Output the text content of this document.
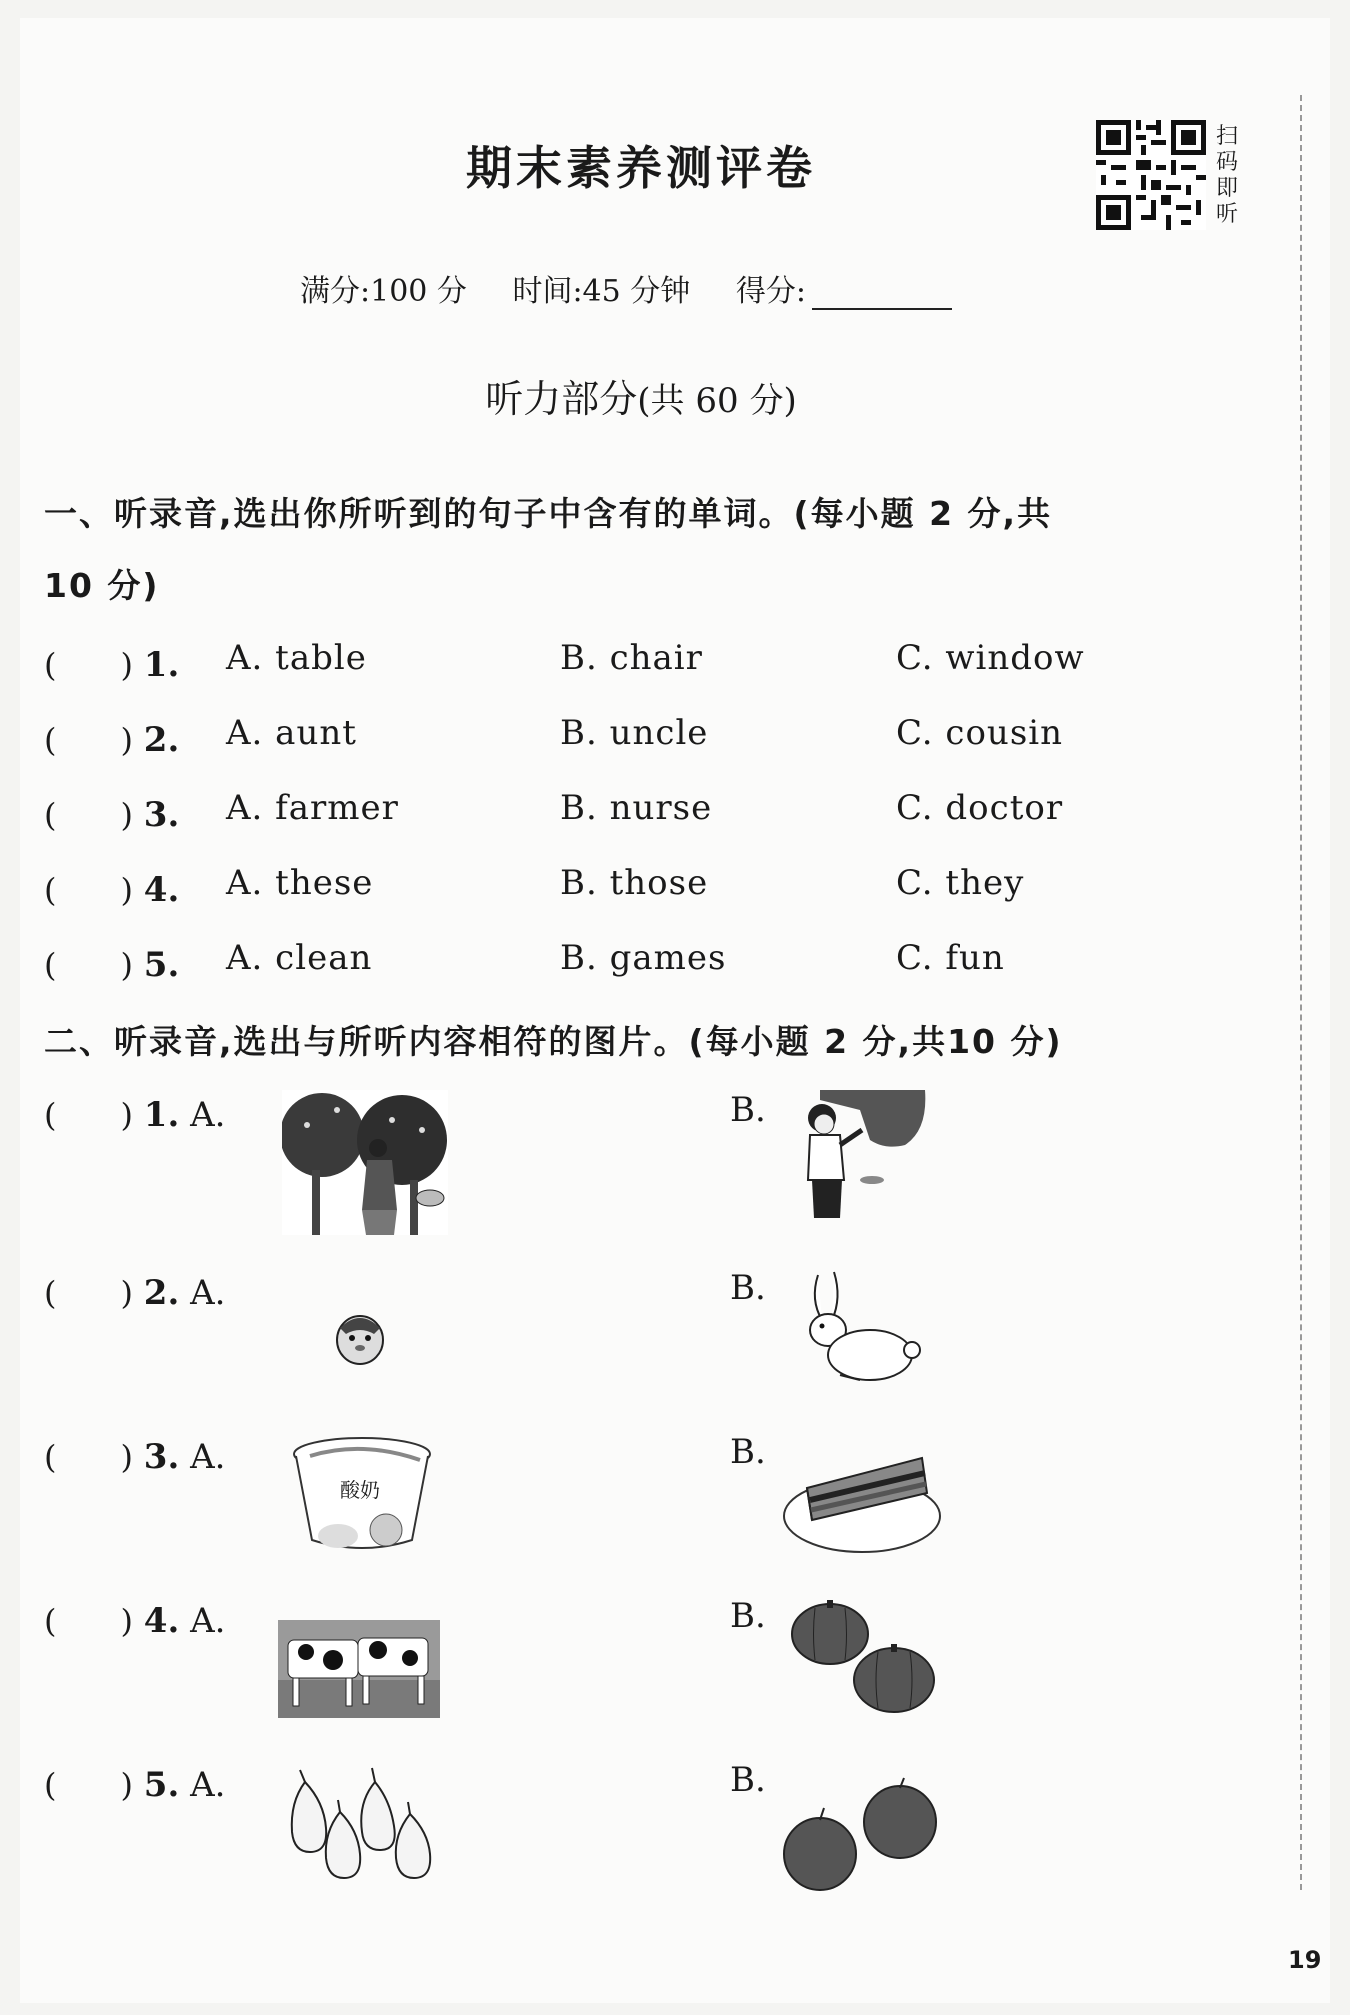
期末素养测评卷
扫码即听
满分:100 分 时间:45 分钟 得分:
听力部分(共 60 分)
一、听录音,选出你所听到的句子中含有的单词。(每小题 2 分,共
10 分)
(　　) 1. A. table	B. chair	C. window
(　　) 2. A. aunt	B. uncle	C. cousin
(　　) 3. A. farmer	B. nurse	C. doctor
(　　) 4. A. these	B. those	C. they
(　　) 5. A. clean	B. games	C. fun
二、听录音,选出与所听内容相符的图片。(每小题 2 分,共10 分)
(　　) 1. A.	B.
(　　) 2. A.	B.
(　　) 3. A.
酸奶
B.
(　　) 4. A.	B.
(　　) 5. A.	B.
19
